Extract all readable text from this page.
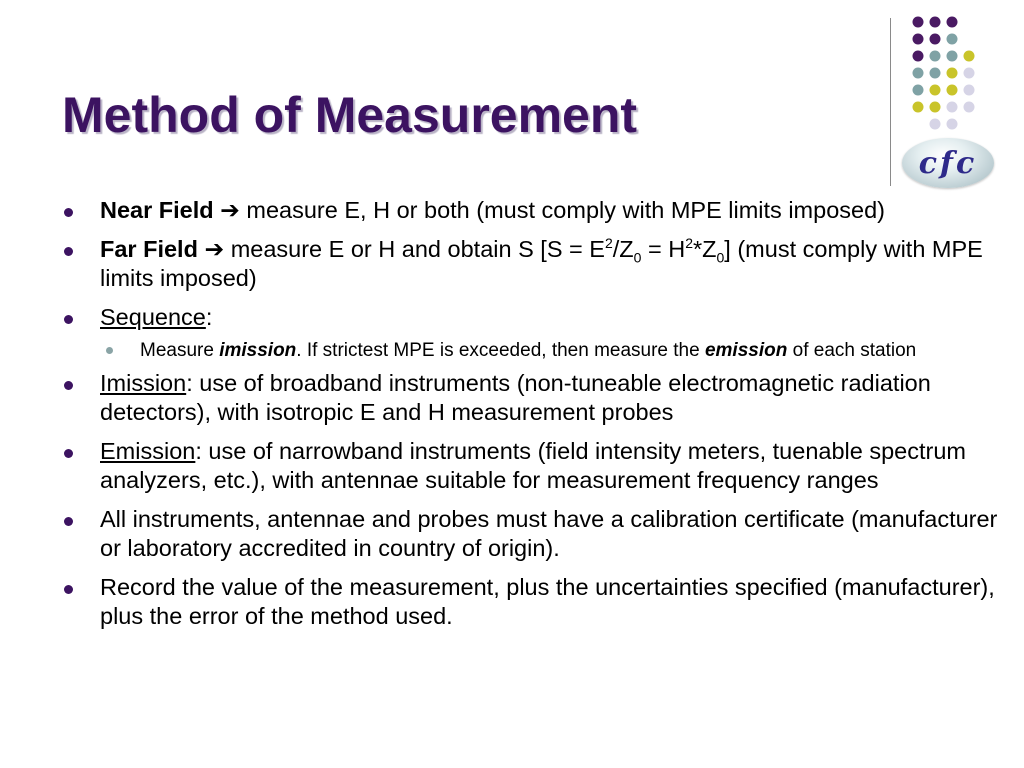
Method of Measurement
cfc
Near Field ➔ measure E, H or both (must comply with MPE limits imposed)
Far Field ➔ measure E or H and obtain S $[S = E^2/Z_0 = H^2*Z_0]$ (must comply with MPE limits imposed)
Sequence:
Measure imission. If strictest MPE is exceeded, then measure the emission of each station
Imission: use of broadband instruments (non-tuneable electromagnetic radiation detectors), with isotropic E and H measurement probes
Emission: use of narrowband instruments (field intensity meters, tuenable spectrum analyzers, etc.), with antennae suitable for measurement frequency ranges
All instruments, antennae and probes must have a calibration certificate (manufacturer or laboratory accredited in country of origin).
Record the value of the measurement, plus the uncertainties specified (manufacturer), plus the error of the method used.
